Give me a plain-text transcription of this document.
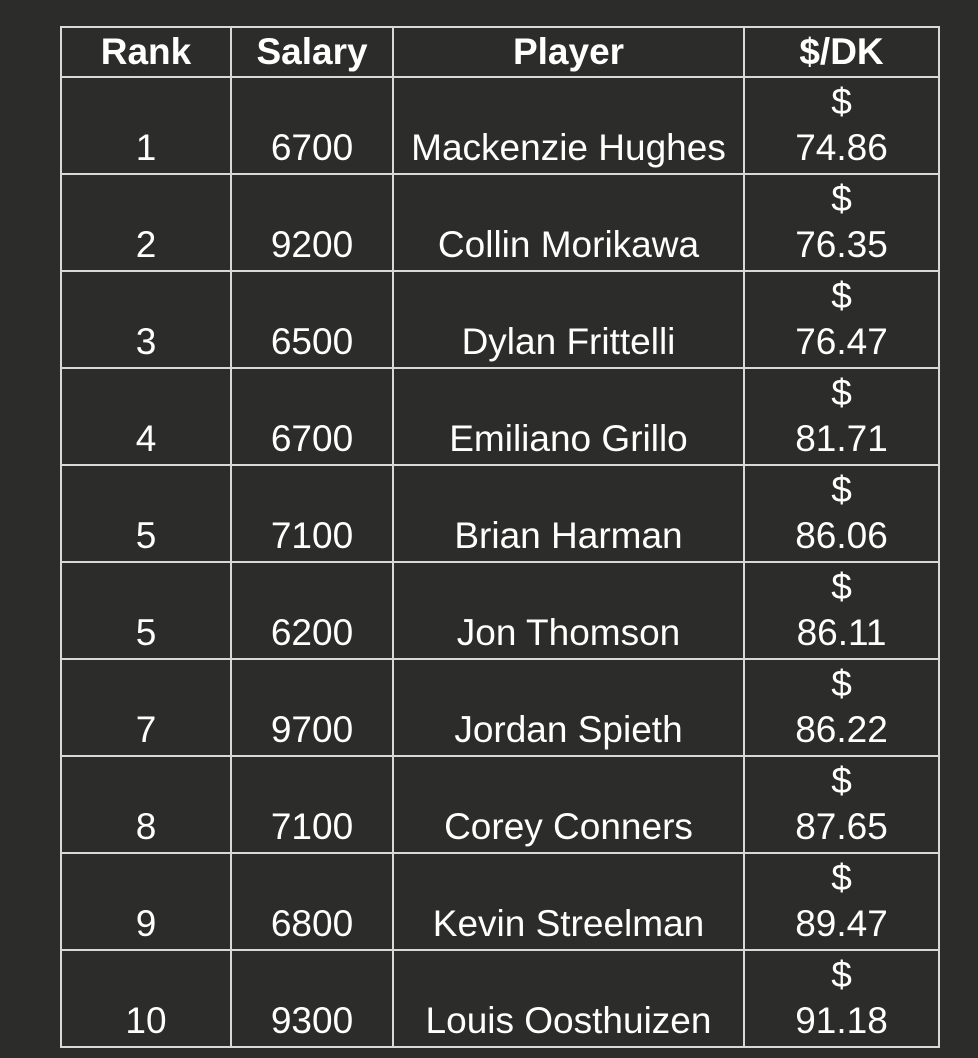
Rank	Salary	Player	$/DK
1	6700	Mackenzie Hughes	$
74.86

2	9200	Collin Morikawa	$
76.35

3	6500	Dylan Frittelli	$
76.47

4	6700	Emiliano Grillo	$
81.71

5	7100	Brian Harman	$
86.06

5	6200	Jon Thomson	$
86.11

7	9700	Jordan Spieth	$
86.22

8	7100	Corey Conners	$
87.65

9	6800	Kevin Streelman	$
89.47

10	9300	Louis Oosthuizen	$
91.18
